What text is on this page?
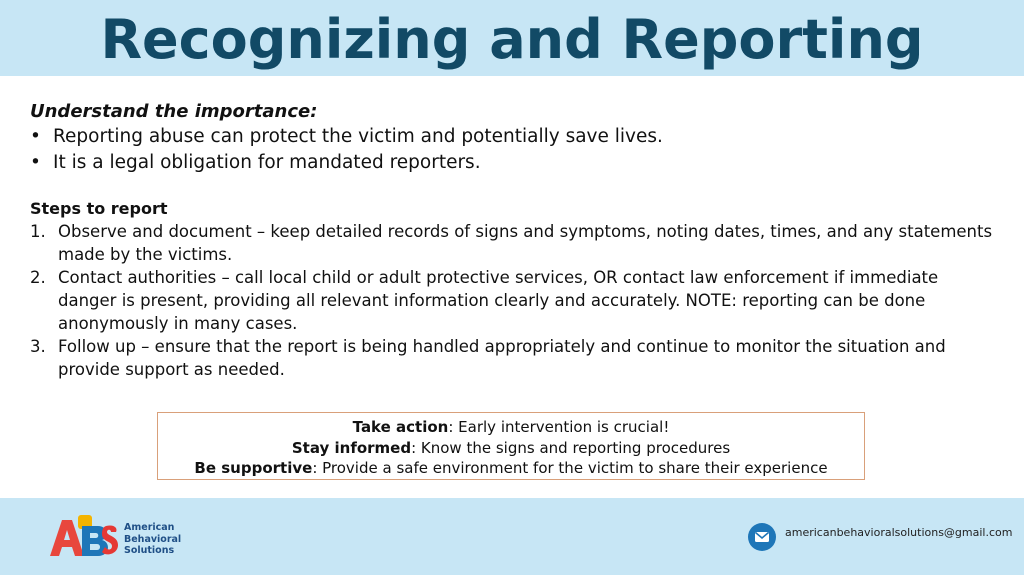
Recognizing and Reporting

Understand the importance:

• Reporting abuse can protect the victim and potentially save lives.
• It is a legal obligation for mandated reporters.
Steps to report
1. Observe and document – keep detailed records of signs and symptoms, noting dates, times, and any statements made by the victims.
2. Contact authorities – call local child or adult protective services, OR contact law enforcement if immediate danger is present, providing all relevant information clearly and accurately. NOTE: reporting can be done anonymously in many cases.
3. Follow up – ensure that the report is being handled appropriately and continue to monitor the situation and provide support as needed.
Take action: Early intervention is crucial!
Stay informed: Know the signs and reporting procedures
Be supportive: Provide a safe environment for the victim to share their experience
American
Behavioral
Solutions
americanbehavioralsolutions@gmail.com
